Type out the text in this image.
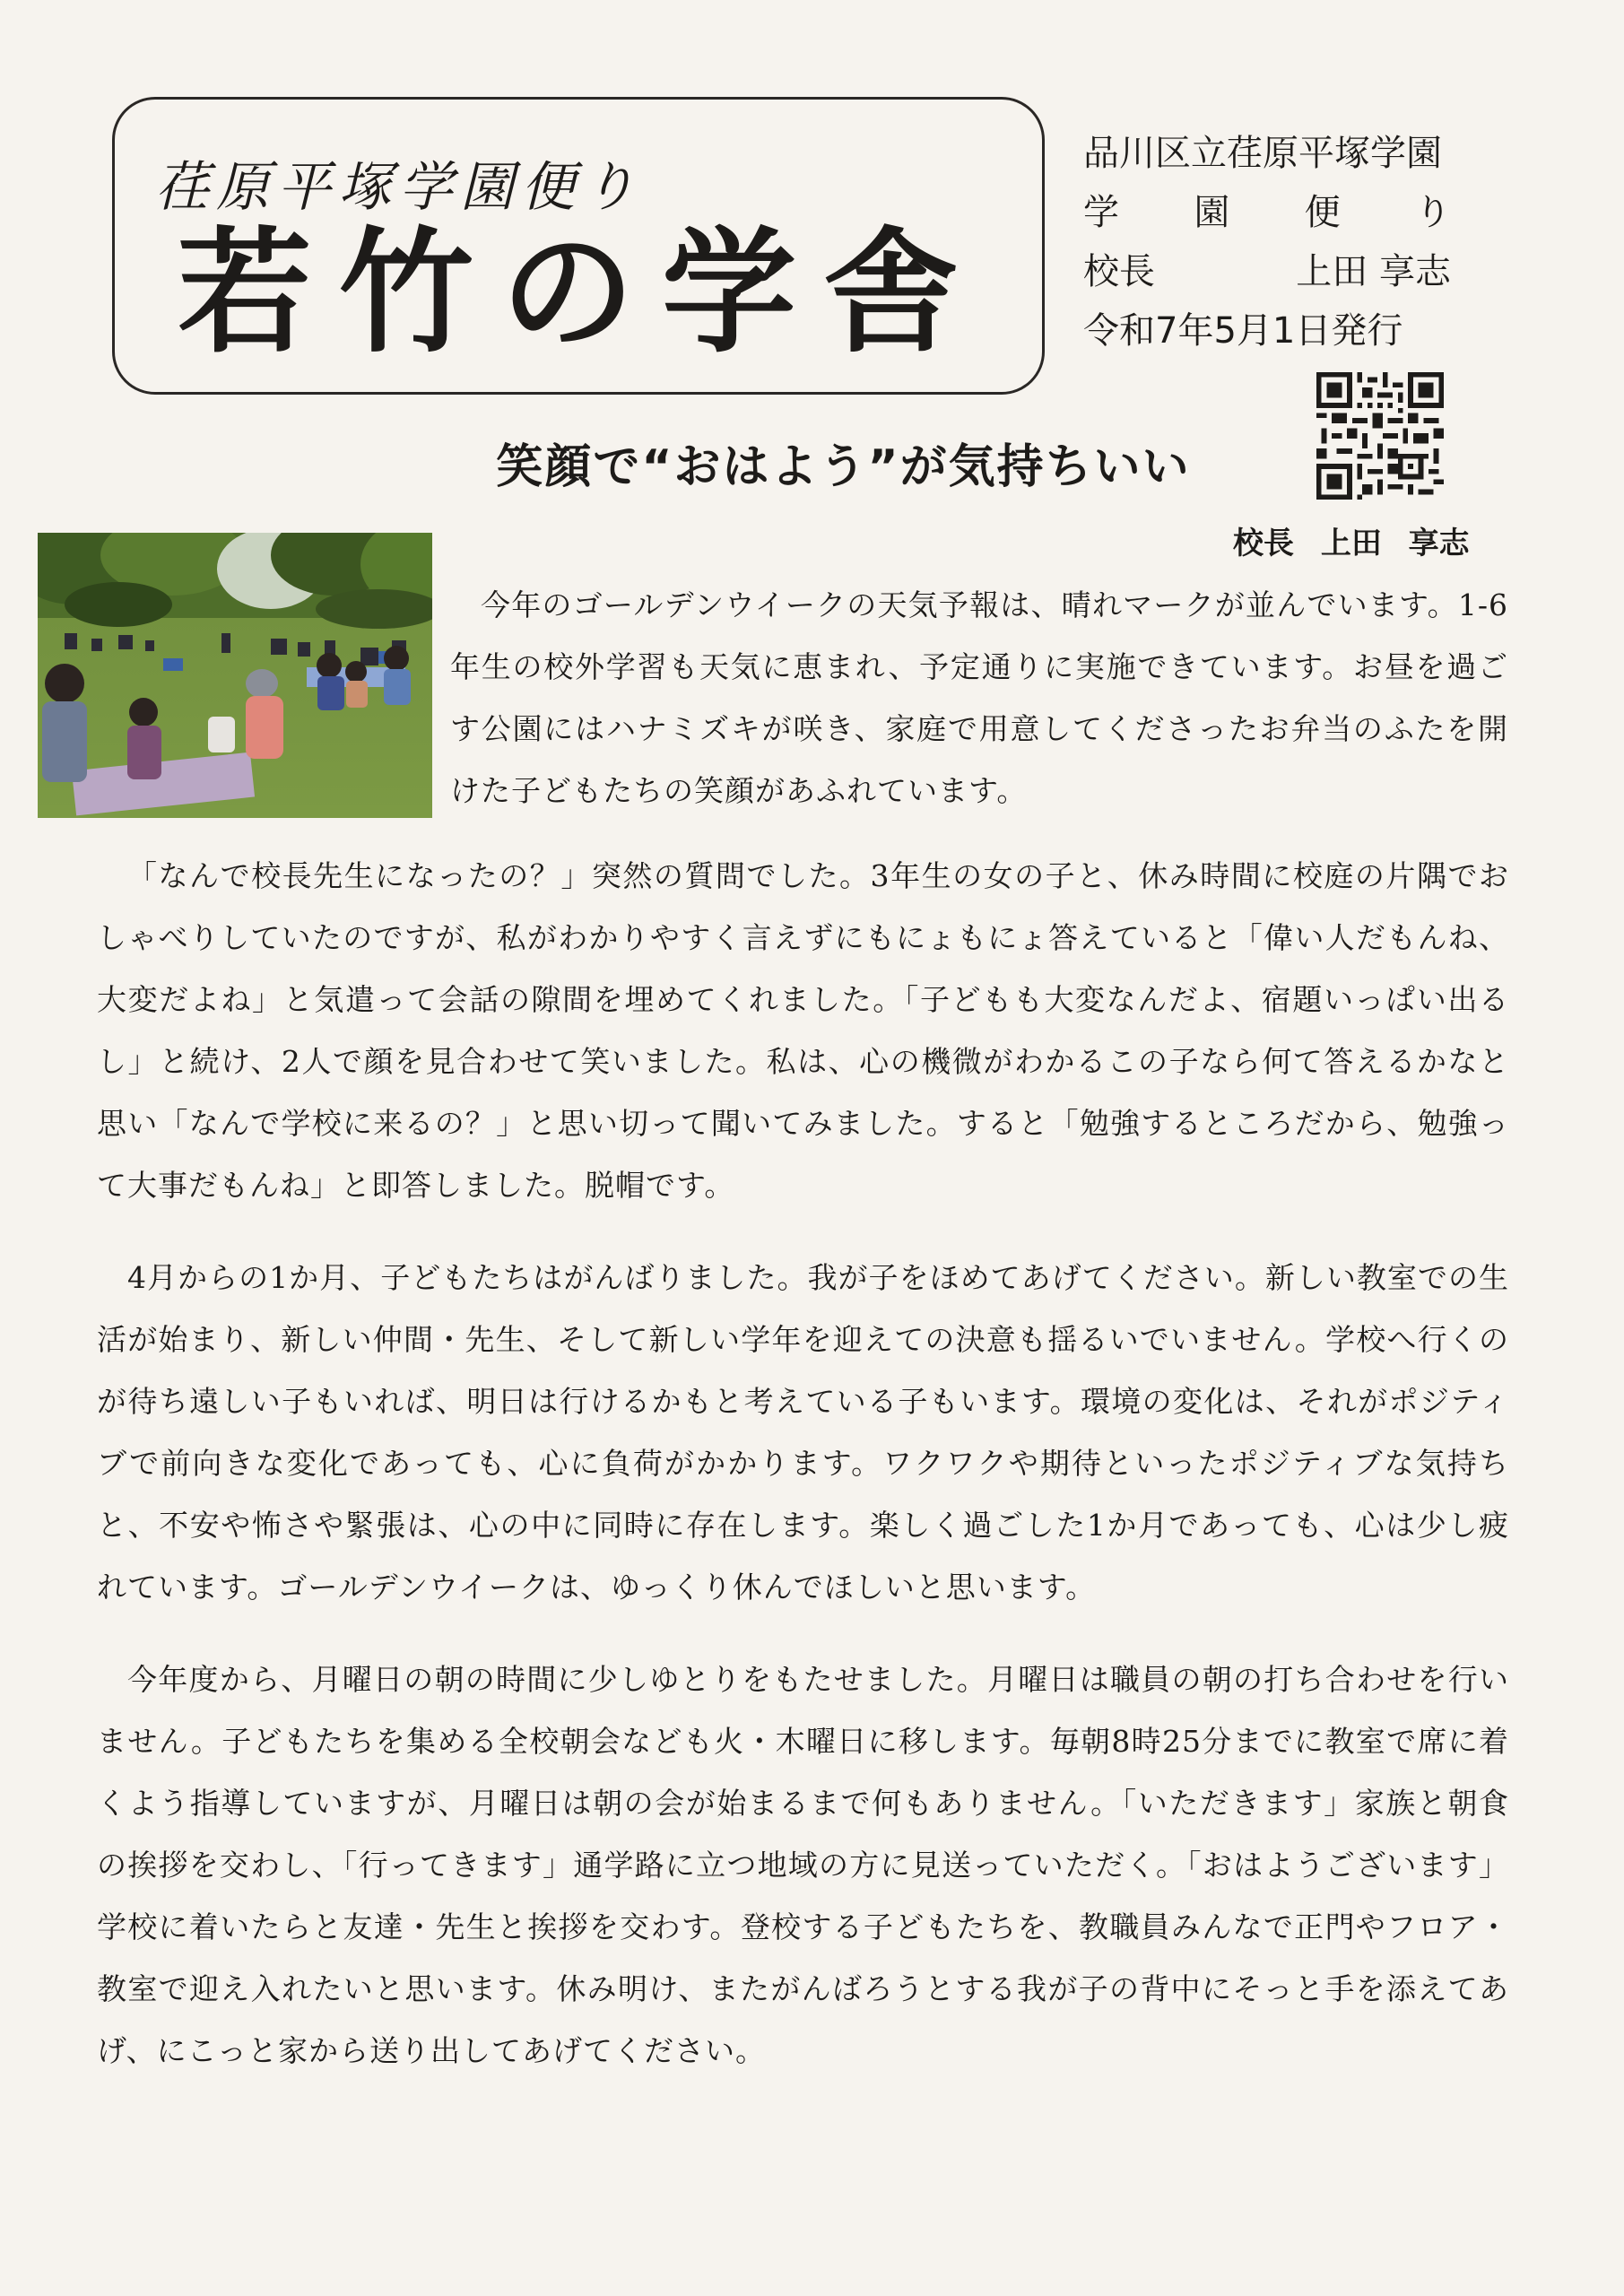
荏原平塚学園便り
若竹の学舎
品川区立荏原平塚学園
学 園 便 り
校長	上田 享志
令和7年5月1日発行
笑顔で“おはよう”が気持ちいい
校長 上田 享志

今年のゴールデンウイークの天気予報は、晴れマークが並んでいます。1-6年生の校外学習も天気に恵まれ、予定通りに実施できています。お昼を過ごす公園にはハナミズキが咲き、家庭で用意してくださったお弁当のふたを開けた子どもたちの笑顔があふれています。

「なんで校長先生になったの？」突然の質問でした。3年生の女の子と、休み時間に校庭の片隅でおしゃべりしていたのですが、私がわかりやすく言えずにもにょもにょ答えていると「偉い人だもんね、大変だよね」と気遣って会話の隙間を埋めてくれました。「子どもも大変なんだよ、宿題いっぱい出るし」と続け、2人で顔を見合わせて笑いました。私は、心の機微がわかるこの子なら何て答えるかなと思い「なんで学校に来るの？」と思い切って聞いてみました。すると「勉強するところだから、勉強って大事だもんね」と即答しました。脱帽です。

4月からの1か月、子どもたちはがんばりました。我が子をほめてあげてください。新しい教室での生活が始まり、新しい仲間・先生、そして新しい学年を迎えての決意も揺るいでいません。学校へ行くのが待ち遠しい子もいれば、明日は行けるかもと考えている子もいます。環境の変化は、それがポジティブで前向きな変化であっても、心に負荷がかかります。ワクワクや期待といったポジティブな気持ちと、不安や怖さや緊張は、心の中に同時に存在します。楽しく過ごした1か月であっても、心は少し疲れています。ゴールデンウイークは、ゆっくり休んでほしいと思います。

今年度から、月曜日の朝の時間に少しゆとりをもたせました。月曜日は職員の朝の打ち合わせを行いません。子どもたちを集める全校朝会なども火・木曜日に移します。毎朝8時25分までに教室で席に着くよう指導していますが、月曜日は朝の会が始まるまで何もありません。「いただきます」家族と朝食の挨拶を交わし、「行ってきます」通学路に立つ地域の方に見送っていただく。「おはようございます」学校に着いたらと友達・先生と挨拶を交わす。登校する子どもたちを、教職員みんなで正門やフロア・教室で迎え入れたいと思います。休み明け、またがんばろうとする我が子の背中にそっと手を添えてあげ、にこっと家から送り出してあげてください。
